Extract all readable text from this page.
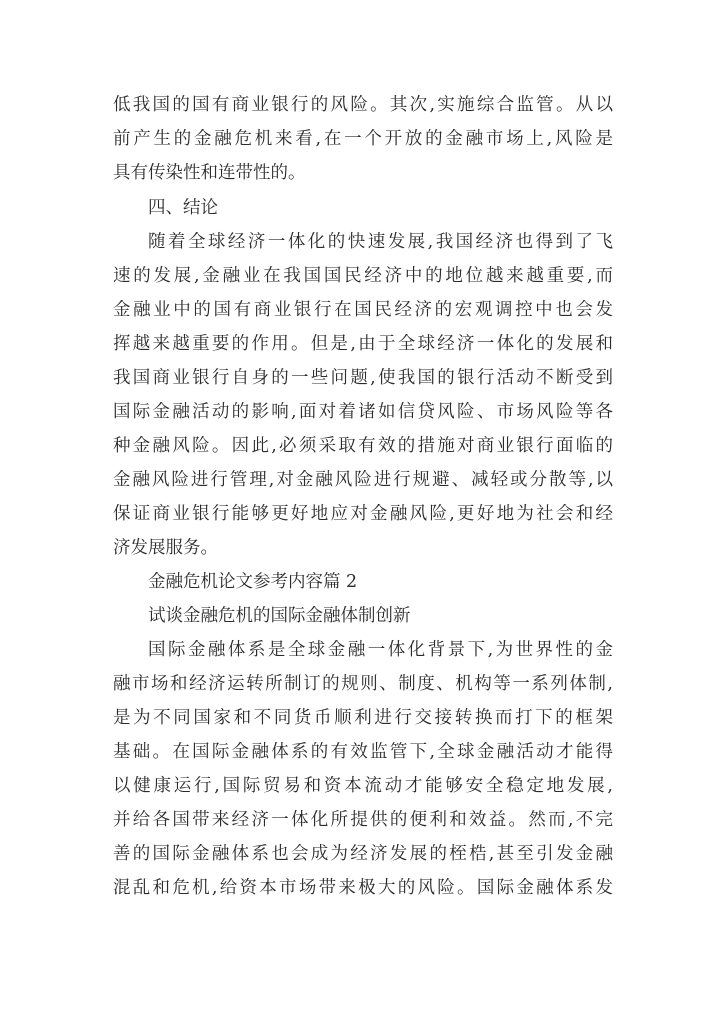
低我国的国有商业银行的风险。其次,实施综合监管。从以
前产生的金融危机来看,在一个开放的金融市场上,风险是
具有传染性和连带性的。
四、结论
随着全球经济一体化的快速发展,我国经济也得到了飞
速的发展,金融业在我国国民经济中的地位越来越重要,而
金融业中的国有商业银行在国民经济的宏观调控中也会发
挥越来越重要的作用。但是,由于全球经济一体化的发展和
我国商业银行自身的一些问题,使我国的银行活动不断受到
国际金融活动的影响,面对着诸如信贷风险、市场风险等各
种金融风险。因此,必须采取有效的措施对商业银行面临的
金融风险进行管理,对金融风险进行规避、减轻或分散等,以
保证商业银行能够更好地应对金融风险,更好地为社会和经
济发展服务。
金融危机论文参考内容篇 2
试谈金融危机的国际金融体制创新
国际金融体系是全球金融一体化背景下,为世界性的金
融市场和经济运转所制订的规则、制度、机构等一系列体制,
是为不同国家和不同货币顺利进行交接转换而打下的框架
基础。在国际金融体系的有效监管下,全球金融活动才能得
以健康运行,国际贸易和资本流动才能够安全稳定地发展,
并给各国带来经济一体化所提供的便利和效益。然而,不完
善的国际金融体系也会成为经济发展的桎梏,甚至引发金融
混乱和危机,给资本市场带来极大的风险。国际金融体系发
